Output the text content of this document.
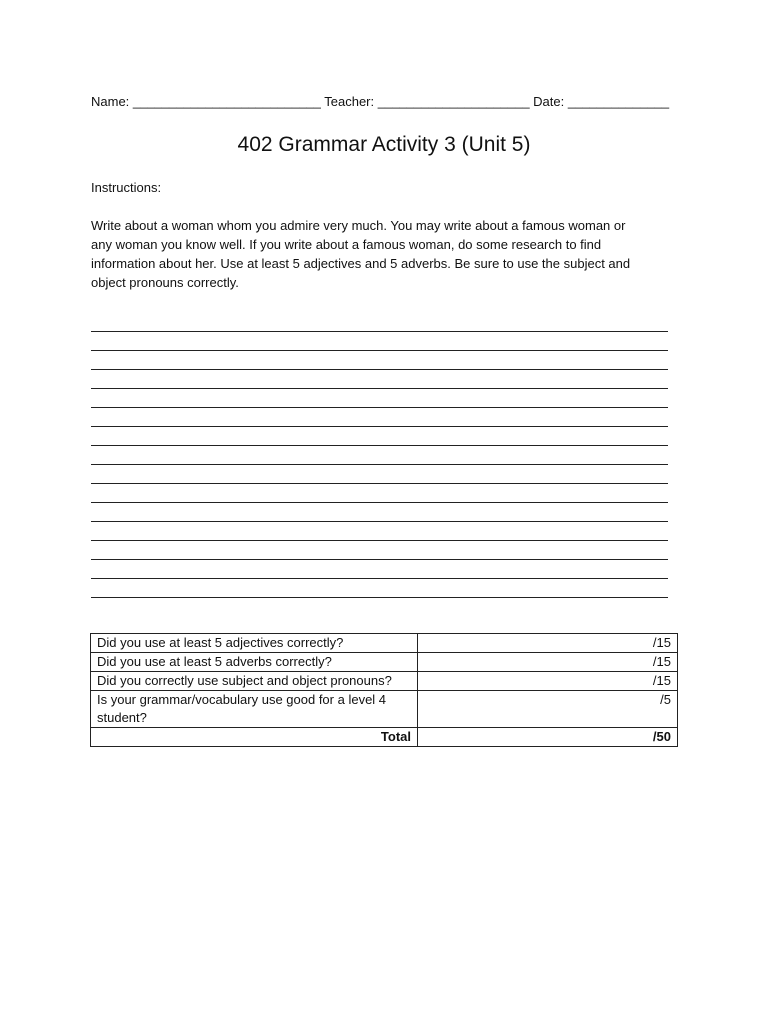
Name: __________________________ Teacher: _____________________ Date: ______________
402 Grammar Activity 3 (Unit 5)
Instructions:

Write about a woman whom you admire very much. You may write about a famous woman or

any woman you know well. If you write about a famous woman, do some research to find

information about her. Use at least 5 adjectives and 5 adverbs. Be sure to use the subject and

object pronouns correctly.

Did you use at least 5 adjectives correctly?	/15
Did you use at least 5 adverbs correctly?	/15
Did you correctly use subject and object pronouns?	/15
Is your grammar/vocabulary use good for a level 4 student?	/5
Total	/50
